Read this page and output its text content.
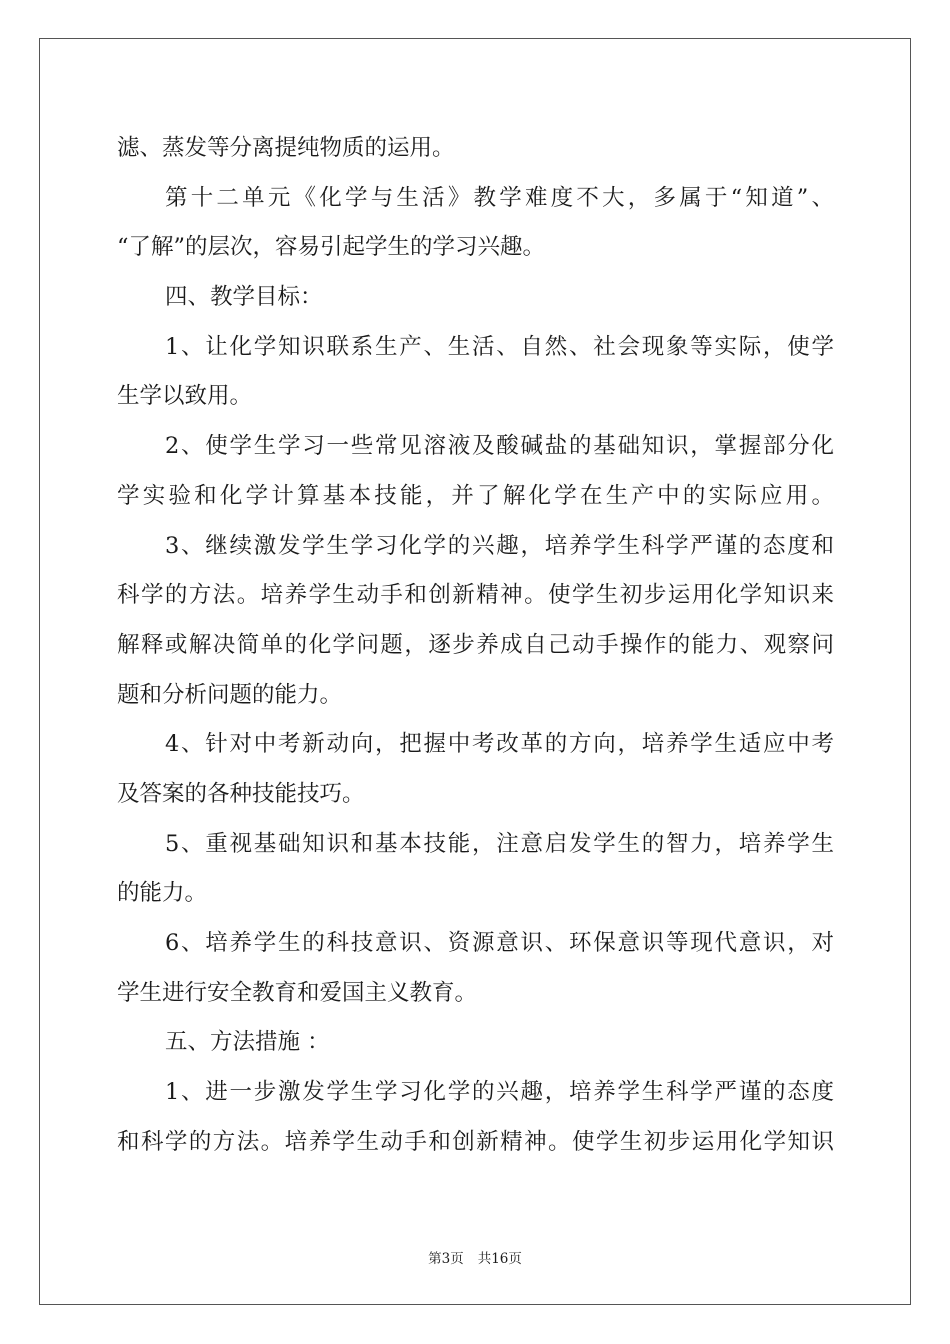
滤、蒸发等分离提纯物质的运用。
第十二单元《化学与生活》教学难度不大，多属于“知道”、
“了解”的层次，容易引起学生的学习兴趣。
四、教学目标：
1、让化学知识联系生产、生活、自然、社会现象等实际，使学
生学以致用。
2、使学生学习一些常见溶液及酸碱盐的基础知识，掌握部分化
学实验和化学计算基本技能，并了解化学在生产中的实际应用。
3、继续激发学生学习化学的兴趣，培养学生科学严谨的态度和
科学的方法。培养学生动手和创新精神。使学生初步运用化学知识来
解释或解决简单的化学问题，逐步养成自己动手操作的能力、观察问
题和分析问题的能力。
4、针对中考新动向，把握中考改革的方向，培养学生适应中考
及答案的各种技能技巧。
5、重视基础知识和基本技能，注意启发学生的智力，培养学生
的能力。
6、培养学生的科技意识、资源意识、环保意识等现代意识，对
学生进行安全教育和爱国主义教育。
五、方法措施 ：
1、进一步激发学生学习化学的兴趣，培养学生科学严谨的态度
和科学的方法。培养学生动手和创新精神。使学生初步运用化学知识
第3页 共16页
